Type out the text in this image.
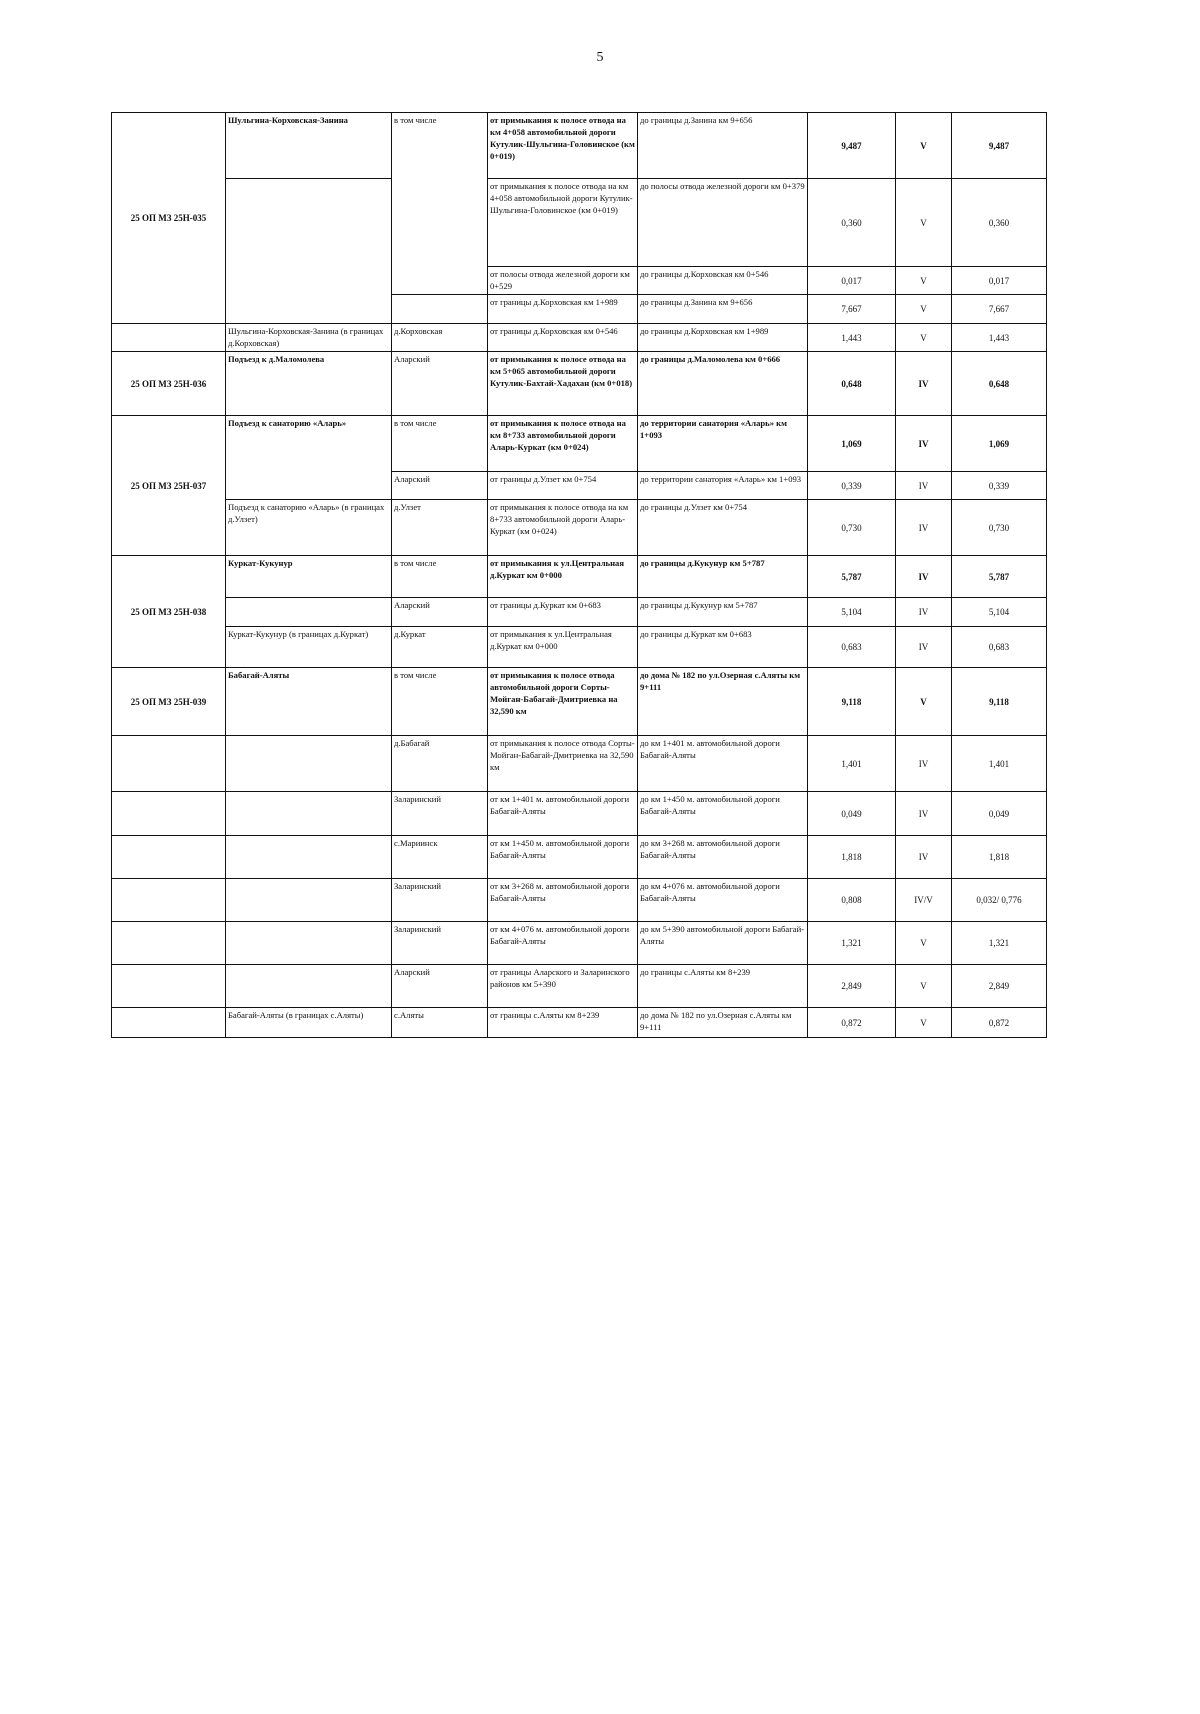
5
25 ОП МЗ 25Н-035	Шульгина-Корховская-Занина	в том числе	от примыкания к полосе отвода на км 4+058 автомобильной дороги Кутулик-Шульгина-Головинское (км 0+019)	до границы д.Занина км 9+656	9,487	V	9,487
			от примыкания к полосе отвода на км 4+058 автомобильной дороги Кутулик-Шульгина-Головинское (км 0+019)	до полосы отвода железной дороги км 0+379	0,360	V	0,360
			от полосы отвода железной дороги км 0+529	до границы д.Корховская км 0+546	0,017	V	0,017
			от границы д.Корховская км 1+989	до границы д.Занина км 9+656	7,667	V	7,667
	Шульгина-Корховская-Занина (в границах д.Корховская)	д.Корховская	от границы д.Корховская км 0+546	до границы д.Корховская км 1+989	1,443	V	1,443
25 ОП МЗ 25Н-036	Подъезд к д.Маломолева	Аларский	от примыкания к полосе отвода на км 5+065 автомобильной дороги Кутулик-Бахтай-Хадахан (км 0+018)	до границы д.Маломолева км 0+666	0,648	IV	0,648
25 ОП МЗ 25Н-037	Подъезд к санаторию «Аларь»	в том числе	от примыкания к полосе отвода на км 8+733 автомобильной дороги Аларь-Куркат (км 0+024)	до территории санатория «Аларь» км 1+093	1,069	IV	1,069
		Аларский	от границы д.Улзет км 0+754	до территории санатория «Аларь» км 1+093	0,339	IV	0,339
	Подъезд к санаторию «Аларь» (в границах д.Улзет)	д.Улзет	от примыкания к полосе отвода на км 8+733 автомобильной дороги Аларь-Куркат (км 0+024)	до границы д.Улзет км 0+754	0,730	IV	0,730
25 ОП МЗ 25Н-038	Куркат-Кукунур	в том числе	от примыкания к ул.Центральная д.Куркат км 0+000	до границы д.Кукунур км 5+787	5,787	IV	5,787
		Аларский	от границы д.Куркат км 0+683	до границы д.Кукунур км 5+787	5,104	IV	5,104
	Куркат-Кукунур (в границах д.Куркат)	д.Куркат	от примыкания к ул.Центральная д.Куркат км 0+000	до границы д.Куркат км 0+683	0,683	IV	0,683
25 ОП МЗ 25Н-039	Бабагай-Аляты	в том числе	от примыкания к полосе отвода автомобильной дороги Сорты-Мойган-Бабагай-Дмитриевка на 32,590 км	до дома № 182 по ул.Озерная с.Аляты км 9+111	9,118	V	9,118
		д.Бабагай	от примыкания к полосе отвода Сорты-Мойган-Бабагай-Дмитриевка на 32,590 км	до км 1+401 м. автомобильной дороги Бабагай-Аляты	1,401	IV	1,401
		Заларинский	от км 1+401 м. автомобильной дороги Бабагай-Аляты	до км 1+450 м. автомобильной дороги Бабагай-Аляты	0,049	IV	0,049
		с.Мариинск	от км 1+450 м. автомобильной дороги Бабагай-Аляты	до км 3+268 м. автомобильной дороги Бабагай-Аляты	1,818	IV	1,818
		Заларинский	от км 3+268 м. автомобильной дороги Бабагай-Аляты	до км 4+076 м. автомобильной дороги Бабагай-Аляты	0,808	IV/V	0,032/ 0,776
		Заларинский	от км 4+076 м. автомобильной дороги Бабагай-Аляты	до км 5+390 автомобильной дороги Бабагай-Аляты	1,321	V	1,321
		Аларский	от границы Аларского и Заларинского районов км 5+390	до границы с.Аляты км 8+239	2,849	V	2,849
	Бабагай-Аляты (в границах с.Аляты)	с.Аляты	от границы с.Аляты км 8+239	до дома № 182 по ул.Озерная с.Аляты км 9+111	0,872	V	0,872
